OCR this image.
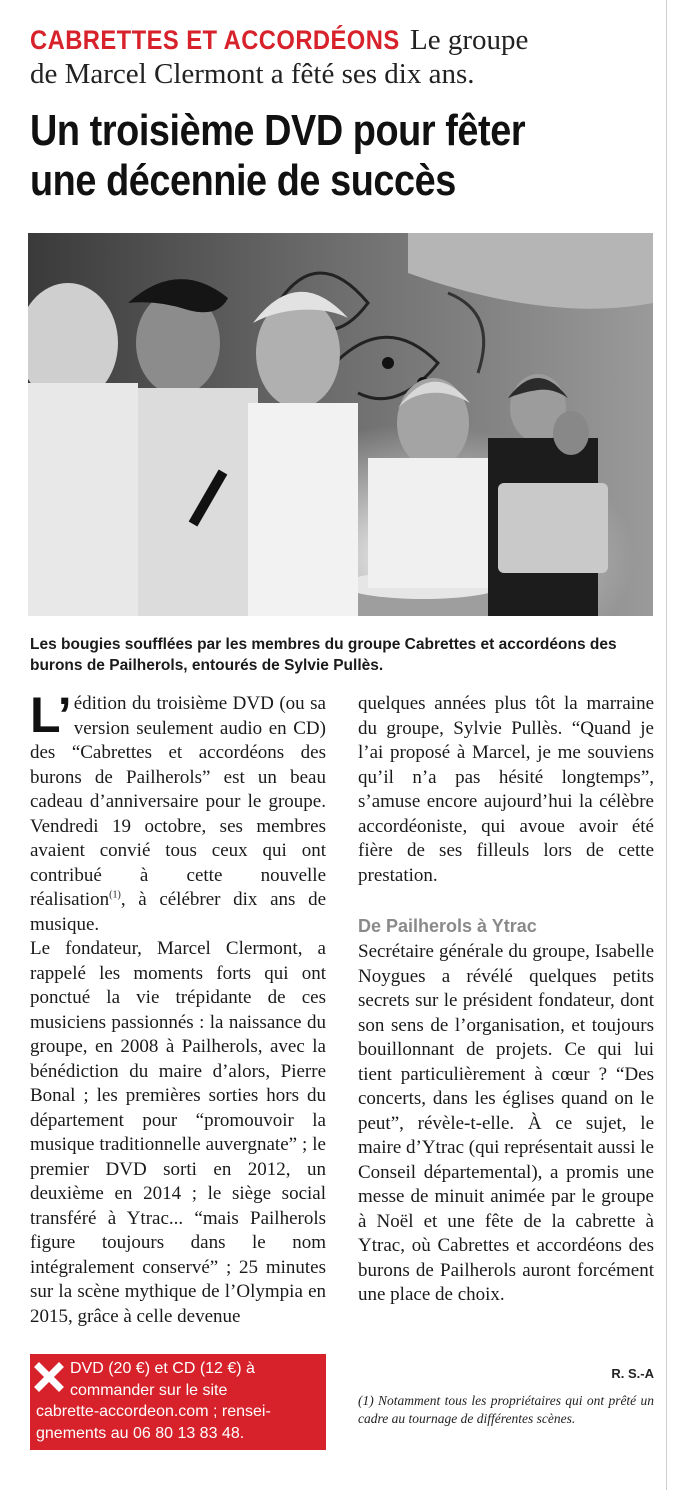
CABRETTES ET ACCORDÉONS Le groupe
de Marcel Clermont a fêté ses dix ans.
Un troisième DVD pour fêter
une décennie de succès

Les bougies soufflées par les membres du groupe Cabrettes et accordéons des burons de Pailherols, entourés de Sylvie Pullès.

L’ édition du troisième DVD (ou sa version seulement audio en CD) des “Cabrettes et accordéons des burons de Pailherols” est un beau cadeau d’anniversaire pour le groupe. Vendredi 19 octobre, ses membres avaient convié tous ceux qui ont contribué à cette nouvelle réalisation$^{(1)}$, à célébrer dix ans de musique.

Le fondateur, Marcel Clermont, a rappelé les moments forts qui ont ponctué la vie trépidante de ces musiciens passionnés : la naissance du groupe, en 2008 à Pailherols, avec la bénédiction du maire d’alors, Pierre Bonal ; les premières sorties hors du département pour “promouvoir la musique traditionnelle auvergnate” ; le premier DVD sorti en 2012, un deuxième en 2014 ; le siège social transféré à Ytrac... “mais Pailherols figure toujours dans le nom intégralement conservé” ; 25 minutes sur la scène mythique de l’Olympia en 2015, grâce à celle devenue

quelques années plus tôt la marraine du groupe, Sylvie Pullès. “Quand je l’ai proposé à Marcel, je me souviens qu’il n’a pas hésité longtemps”, s’amuse encore aujourd’hui la célèbre accordéoniste, qui avoue avoir été fière de ses filleuls lors de cette prestation.

De Pailherols à Ytrac

Secrétaire générale du groupe, Isabelle Noygues a révélé quelques petits secrets sur le président fondateur, dont son sens de l’organisation, et toujours bouillonnant de projets. Ce qui lui tient particulièrement à cœur ? “Des concerts, dans les églises quand on le peut”, révèle-t-elle. À ce sujet, le maire d’Ytrac (qui représentait aussi le Conseil départemental), a promis une messe de minuit animée par le groupe à Noël et une fête de la cabrette à Ytrac, où Cabrettes et accordéons des burons de Pailherols auront forcément une place de choix.

R. S.-A

(1) Notamment tous les propriétaires qui ont prêté un cadre au tournage de différentes scènes.

DVD (20 €) et CD (12 €) à
commander sur le site
cabrette-accordeon.com ; rensei-
gnements au 06 80 13 83 48.
